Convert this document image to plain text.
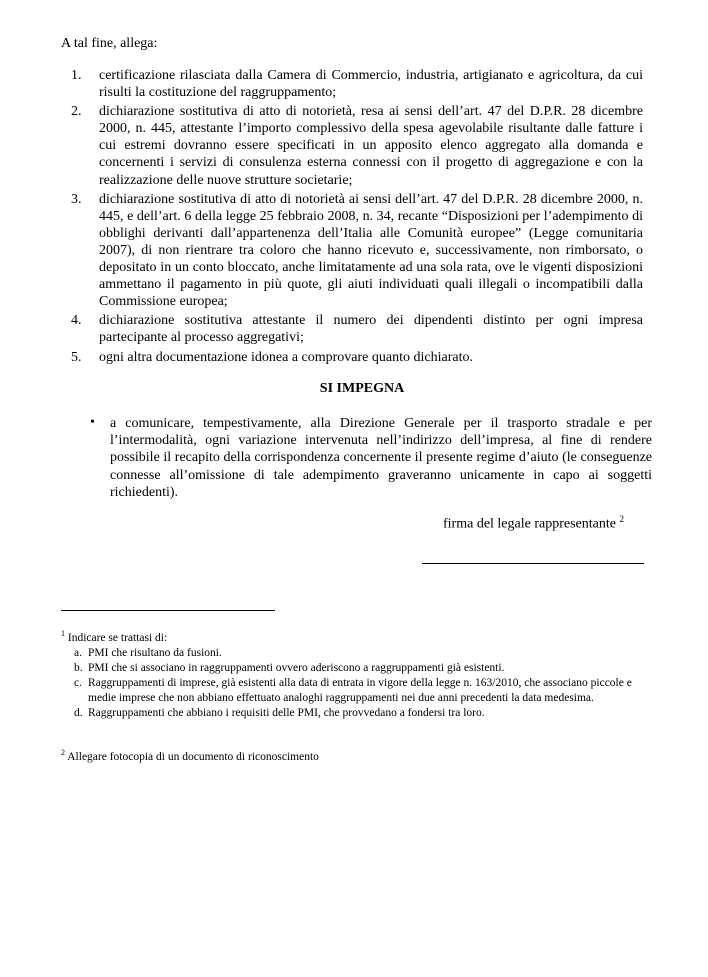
A tal fine, allega:
1. certificazione rilasciata dalla Camera di Commercio, industria, artigianato e agricoltura, da cui risulti la costituzione del raggruppamento;
2. dichiarazione sostitutiva di atto di notorietà, resa ai sensi dell’art. 47 del D.P.R. 28 dicembre 2000, n. 445, attestante l’importo complessivo della spesa agevolabile risultante dalle fatture i cui estremi dovranno essere specificati in un apposito elenco aggregato alla domanda e concernenti i servizi di consulenza esterna connessi con il progetto di aggregazione e con la realizzazione delle nuove strutture societarie;
3. dichiarazione sostitutiva di atto di notorietà ai sensi dell’art. 47 del D.P.R. 28 dicembre 2000, n. 445, e dell’art. 6 della legge 25 febbraio 2008, n. 34, recante “Disposizioni per l’adempimento di obblighi derivanti dall’appartenenza dell’Italia alle Comunità europee” (Legge comunitaria 2007), di non rientrare tra coloro che hanno ricevuto e, successivamente, non rimborsato, o depositato in un conto bloccato, anche limitatamente ad una sola rata, ove le vigenti disposizioni ammettano il pagamento in più quote, gli aiuti individuati quali illegali o incompatibili dalla Commissione europea;
4. dichiarazione sostitutiva attestante il numero dei dipendenti distinto per ogni impresa partecipante al processo aggregativi;
5. ogni altra documentazione idonea a comprovare quanto dichiarato.
SI IMPEGNA
• a comunicare, tempestivamente, alla Direzione Generale per il trasporto stradale e per l’intermodalità, ogni variazione intervenuta nell’indirizzo dell’impresa, al fine di rendere possibile il recapito della corrispondenza concernente il presente regime d’aiuto (le conseguenze connesse all’omissione di tale adempimento graveranno unicamente in capo ai soggetti richiedenti).
firma del legale rappresentante $^2$
$^1$ Indicare se trattasi di:
a. PMI che risultano da fusioni.
b. PMI che si associano in raggruppamenti ovvero aderiscono a raggruppamenti già esistenti.
c. Raggruppamenti di imprese, già esistenti alla data di entrata in vigore della legge n. 163/2010, che associano piccole e medie imprese che non abbiano effettuato analoghi raggruppamenti nei due anni precedenti la data medesima.
d. Raggruppamenti che abbiano i requisiti delle PMI, che provvedano a fondersi tra loro.
$^2$ Allegare fotocopia di un documento di riconoscimento
